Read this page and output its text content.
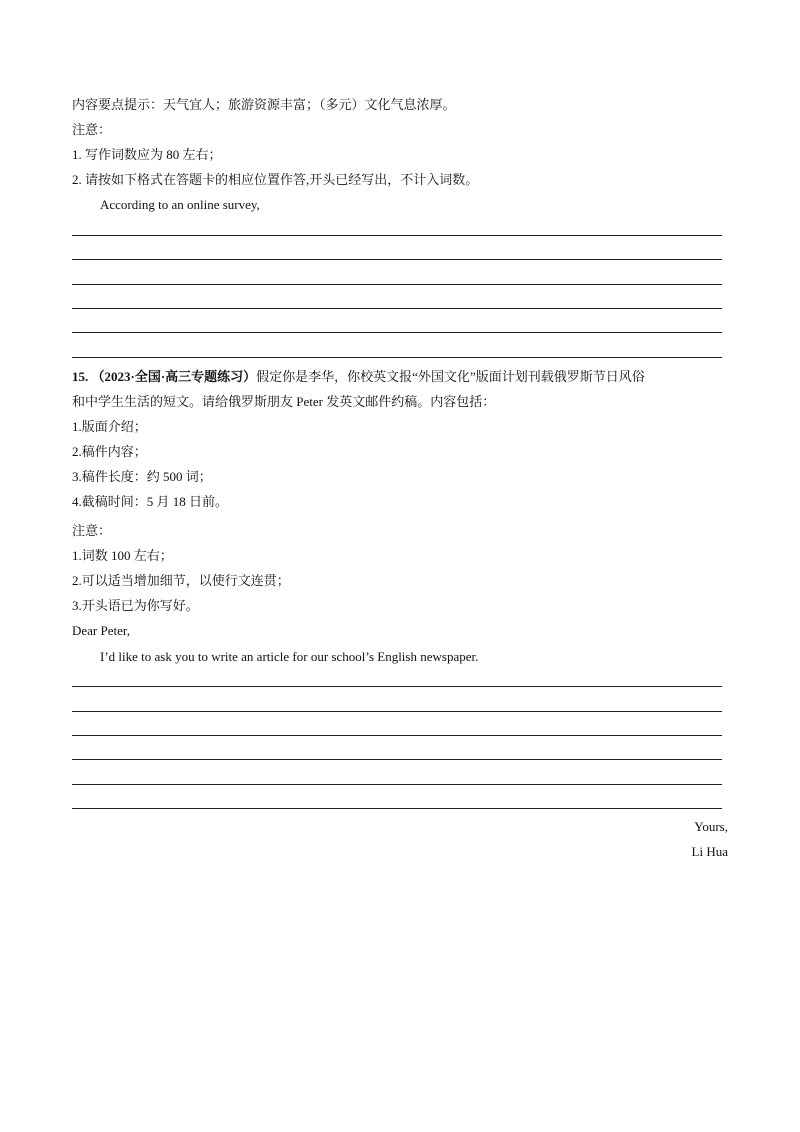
内容要点提示：天气宜人；旅游资源丰富；（多元）文化气息浓厚。
注意：
1. 写作词数应为 80 左右；
2. 请按如下格式在答题卡的相应位置作答,开头已经写出，不计入词数。
According to an online survey,
15. （2023·全国·高三专题练习）假定你是李华，你校英文报“外国文化”版面计划刊载俄罗斯节日风俗
和中学生生活的短文。请给俄罗斯朋友 Peter 发英文邮件约稿。内容包括：
1.版面介绍；
2.稿件内容；
3.稿件长度：约 500 词；
4.截稿时间：5 月 18 日前。
注意：
1.词数 100 左右；
2.可以适当增加细节，以使行文连贯；
3.开头语已为你写好。
Dear Peter,
I’d like to ask you to write an article for our school’s English newspaper.
Yours,
Li Hua
